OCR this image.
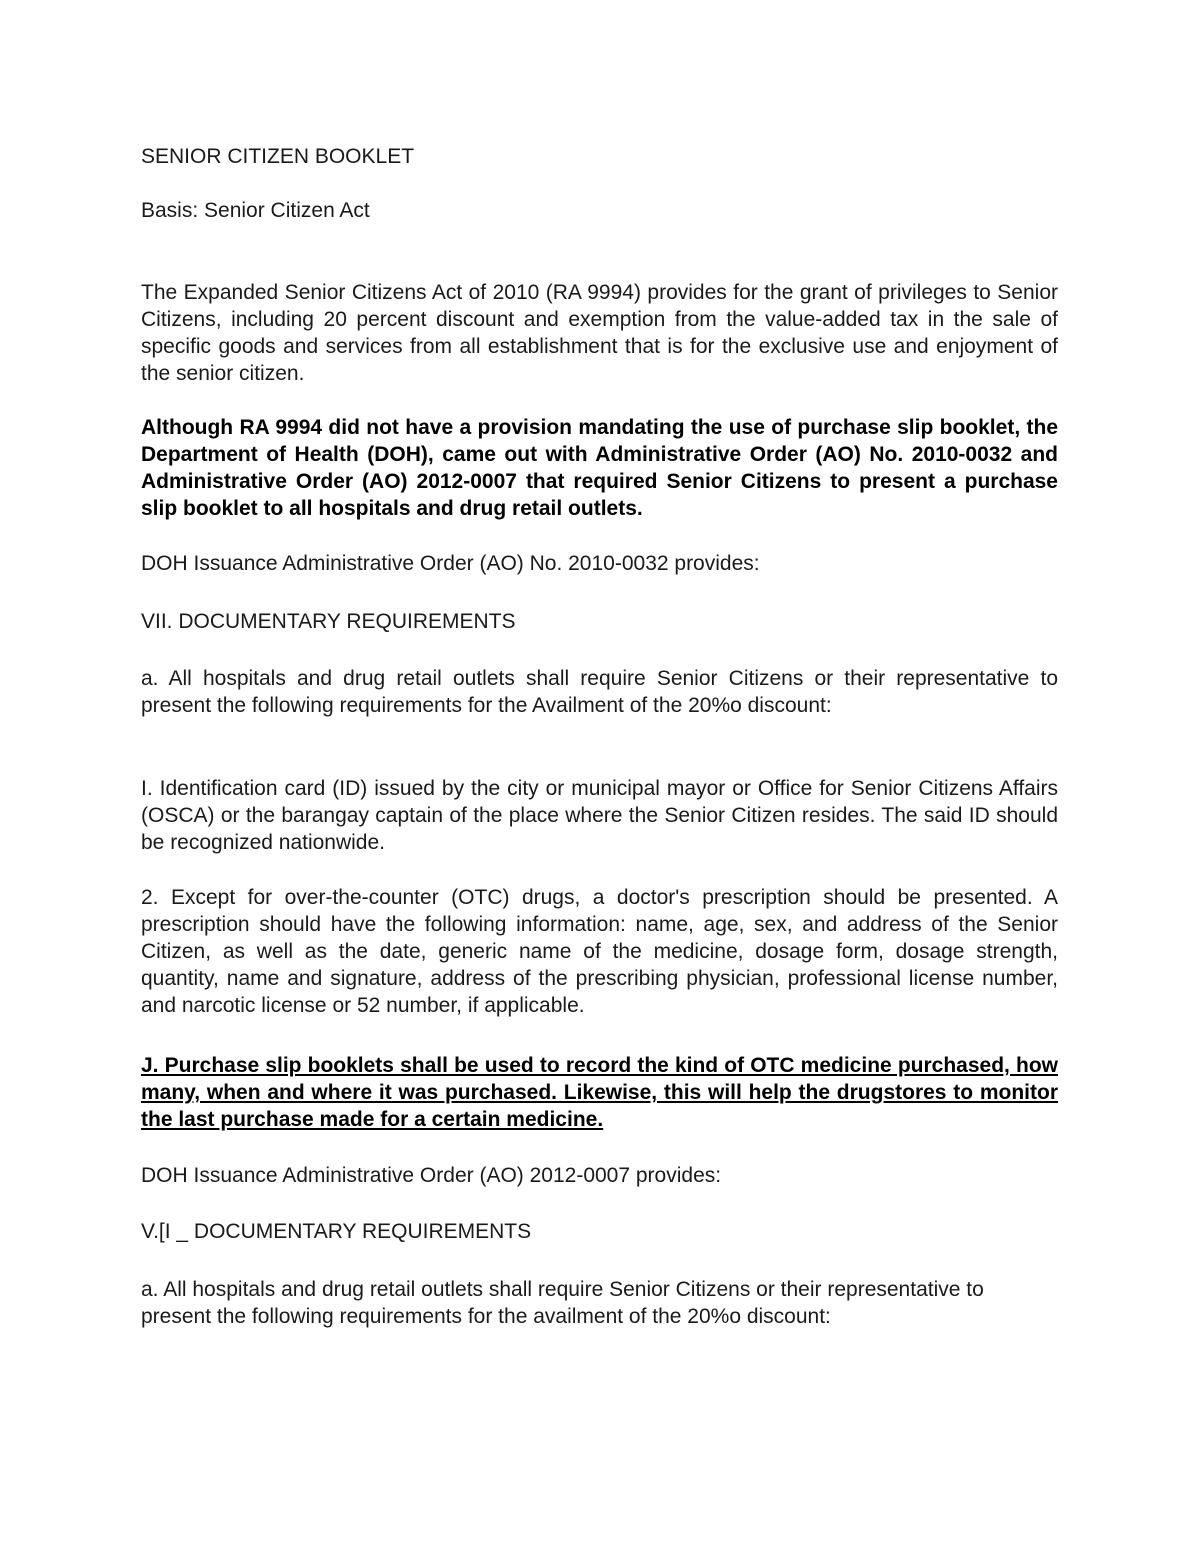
SENIOR CITIZEN BOOKLET

Basis: Senior Citizen Act

The Expanded Senior Citizens Act of 2010 (RA 9994) provides for the grant of privileges to Senior Citizens, including 20 percent discount and exemption from the value-added tax in the sale of specific goods and services from all establishment that is for the exclusive use and enjoyment of the senior citizen.

Although RA 9994 did not have a provision mandating the use of purchase slip booklet, the Department of Health (DOH), came out with Administrative Order (AO) No. 2010-0032 and Administrative Order (AO) 2012-0007 that required Senior Citizens to present a purchase slip booklet to all hospitals and drug retail outlets.

DOH Issuance Administrative Order (AO) No. 2010-0032 provides:

VII. DOCUMENTARY REQUIREMENTS

a. All hospitals and drug retail outlets shall require Senior Citizens or their representative to present the following requirements for the Availment of the 20%o discount:

I. Identification card (ID) issued by the city or municipal mayor or Office for Senior Citizens Affairs (OSCA) or the barangay captain of the place where the Senior Citizen resides. The said ID should be recognized nationwide.

2. Except for over-the-counter (OTC) drugs, a doctor's prescription should be presented. A prescription should have the following information: name, age, sex, and address of the Senior Citizen, as well as the date, generic name of the medicine, dosage form, dosage strength, quantity, name and signature, address of the prescribing physician, professional license number, and narcotic license or 52 number, if applicable.

J. Purchase slip booklets shall be used to record the kind of OTC medicine purchased, how many, when and where it was purchased. Likewise, this will help the drugstores to monitor the last purchase made for a certain medicine.

DOH Issuance Administrative Order (AO) 2012-0007 provides:

V.[I _ DOCUMENTARY REQUIREMENTS

a. All hospitals and drug retail outlets shall require Senior Citizens or their representative to present the following requirements for the availment of the 20%o discount:
